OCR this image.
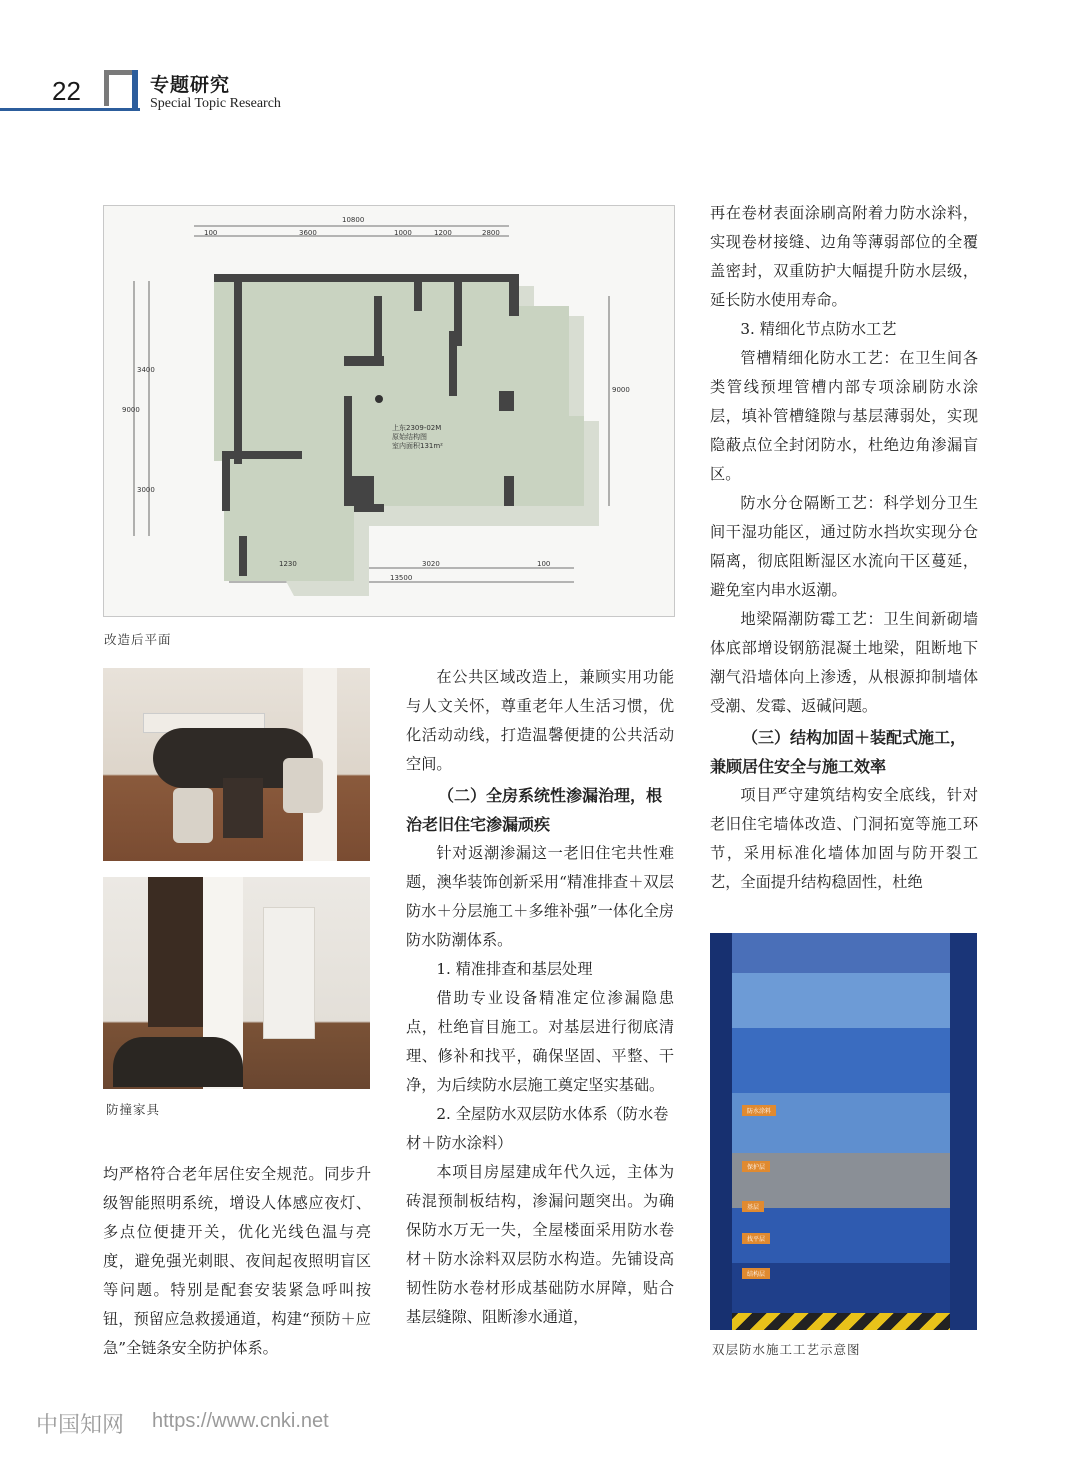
22	专题研究
Special Topic Research
上东2309-02M
原始结构图
室内面积131m²
10800
100	3600	1000	1200	2800
1230	3020	100
13500
3400
3000
9000
9000
改造后平面
防撞家具

均严格符合老年居住安全规范。同步升级智能照明系统，增设人体感应夜灯、多点位便捷开关，优化光线色温与亮度，避免强光刺眼、夜间起夜照明盲区等问题。特别是配套安装紧急呼叫按钮，预留应急救援通道，构建“预防＋应急”全链条安全防护体系。

在公共区域改造上，兼顾实用功能与人文关怀，尊重老年人生活习惯，优化活动动线，打造温馨便捷的公共活动空间。

（二）全房系统性渗漏治理，根治老旧住宅渗漏顽疾

针对返潮渗漏这一老旧住宅共性难题，澳华装饰创新采用“精准排查＋双层防水＋分层施工＋多维补强”一体化全房防水防潮体系。

1. 精准排查和基层处理

借助专业设备精准定位渗漏隐患点，杜绝盲目施工。对基层进行彻底清理、修补和找平，确保坚固、平整、干净，为后续防水层施工奠定坚实基础。

2. 全屋防水双层防水体系（防水卷材＋防水涂料）

本项目房屋建成年代久远，主体为砖混预制板结构，渗漏问题突出。为确保防水万无一失，全屋楼面采用防水卷材＋防水涂料双层防水构造。先铺设高韧性防水卷材形成基础防水屏障，贴合基层缝隙、阻断渗水通道，

再在卷材表面涂刷高附着力防水涂料，实现卷材接缝、边角等薄弱部位的全覆盖密封，双重防护大幅提升防水层级，延长防水使用寿命。

3. 精细化节点防水工艺

管槽精细化防水工艺：在卫生间各类管线预埋管槽内部专项涂刷防水涂层，填补管槽缝隙与基层薄弱处，实现隐蔽点位全封闭防水，杜绝边角渗漏盲区。

防水分仓隔断工艺：科学划分卫生间干湿功能区，通过防水挡坎实现分仓隔离，彻底阻断湿区水流向干区蔓延，避免室内串水返潮。

地梁隔潮防霉工艺：卫生间新砌墙体底部增设钢筋混凝土地梁，阻断地下潮气沿墙体向上渗透，从根源抑制墙体受潮、发霉、返碱问题。

（三）结构加固＋装配式施工，兼顾居住安全与施工效率

项目严守建筑结构安全底线，针对老旧住宅墙体改造、门洞拓宽等施工环节，采用标准化墙体加固与防开裂工艺，全面提升结构稳固性，杜绝

防水涂料
保护层
基层
找平层
结构层
双层防水施工工艺示意图
中国知网 https://www.cnki.net
